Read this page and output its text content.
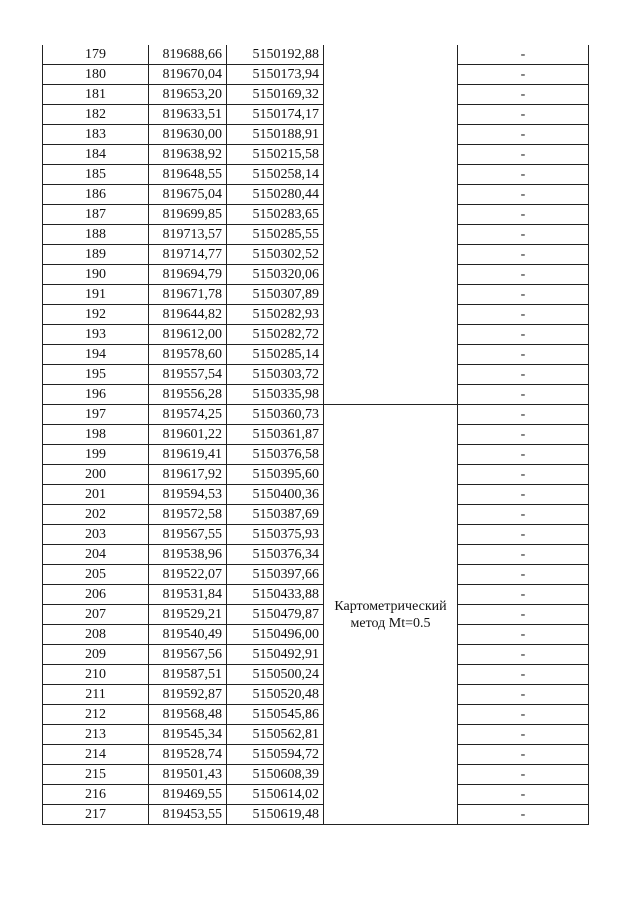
179	819688,66	5150192,88		-
180	819670,04	5150173,94		-
181	819653,20	5150169,32		-
182	819633,51	5150174,17		-
183	819630,00	5150188,91		-
184	819638,92	5150215,58		-
185	819648,55	5150258,14		-
186	819675,04	5150280,44		-
187	819699,85	5150283,65		-
188	819713,57	5150285,55		-
189	819714,77	5150302,52		-
190	819694,79	5150320,06		-
191	819671,78	5150307,89		-
192	819644,82	5150282,93		-
193	819612,00	5150282,72		-
194	819578,60	5150285,14		-
195	819557,54	5150303,72		-
196	819556,28	5150335,98		-
197	819574,25	5150360,73	Картометрический метод Mt=0.5	-
198	819601,22	5150361,87		-
199	819619,41	5150376,58		-
200	819617,92	5150395,60		-
201	819594,53	5150400,36		-
202	819572,58	5150387,69		-
203	819567,55	5150375,93		-
204	819538,96	5150376,34		-
205	819522,07	5150397,66		-
206	819531,84	5150433,88		-
207	819529,21	5150479,87		-
208	819540,49	5150496,00		-
209	819567,56	5150492,91		-
210	819587,51	5150500,24		-
211	819592,87	5150520,48		-
212	819568,48	5150545,86		-
213	819545,34	5150562,81		-
214	819528,74	5150594,72		-
215	819501,43	5150608,39		-
216	819469,55	5150614,02		-
217	819453,55	5150619,48		-
